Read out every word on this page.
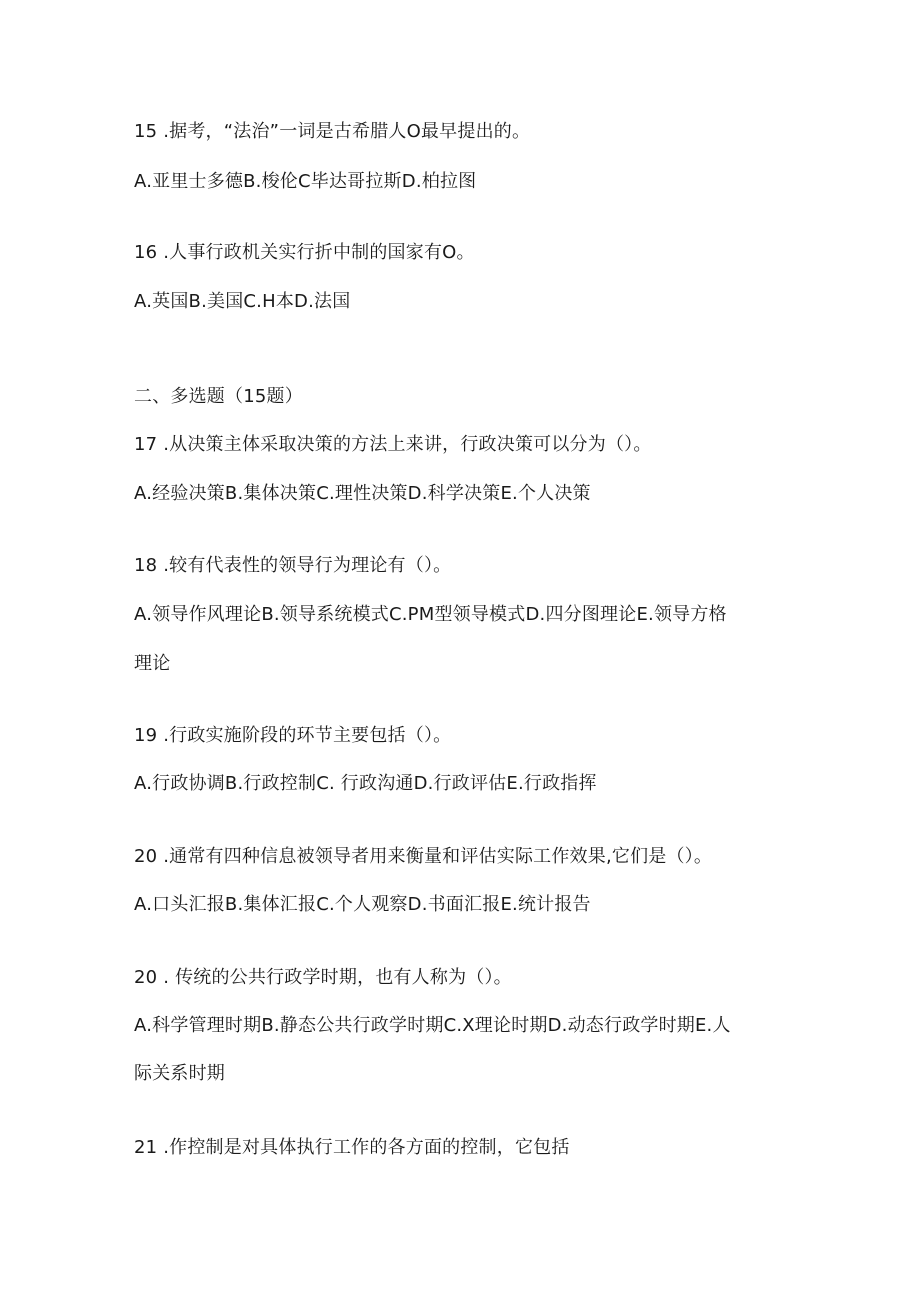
15 .据考，“法治”一词是古希腊人O最早提出的。
A.亚里士多德B.梭伦C毕达哥拉斯D.柏拉图
16 .人事行政机关实行折中制的国家有O。
A.英国B.美国C.H本D.法国
二、多选题（15题）
17 .从决策主体采取决策的方法上来讲，行政决策可以分为（）。
A.经验决策B.集体决策C.理性决策D.科学决策E.个人决策
18 .较有代表性的领导行为理论有（）。
A.领导作风理论B.领导系统模式C.PM型领导模式D.四分图理论E.领导方格
理论
19 .行政实施阶段的环节主要包括（）。
A.行政协调B.行政控制C. 行政沟通D.行政评估E.行政指挥
20 .通常有四种信息被领导者用来衡量和评估实际工作效果,它们是（）。
A.口头汇报B.集体汇报C.个人观察D.书面汇报E.统计报告
20 . 传统的公共行政学时期，也有人称为（）。
A.科学管理时期B.静态公共行政学时期C.X理论时期D.动态行政学时期E.人
际关系时期
21 .作控制是对具体执行工作的各方面的控制，它包括
